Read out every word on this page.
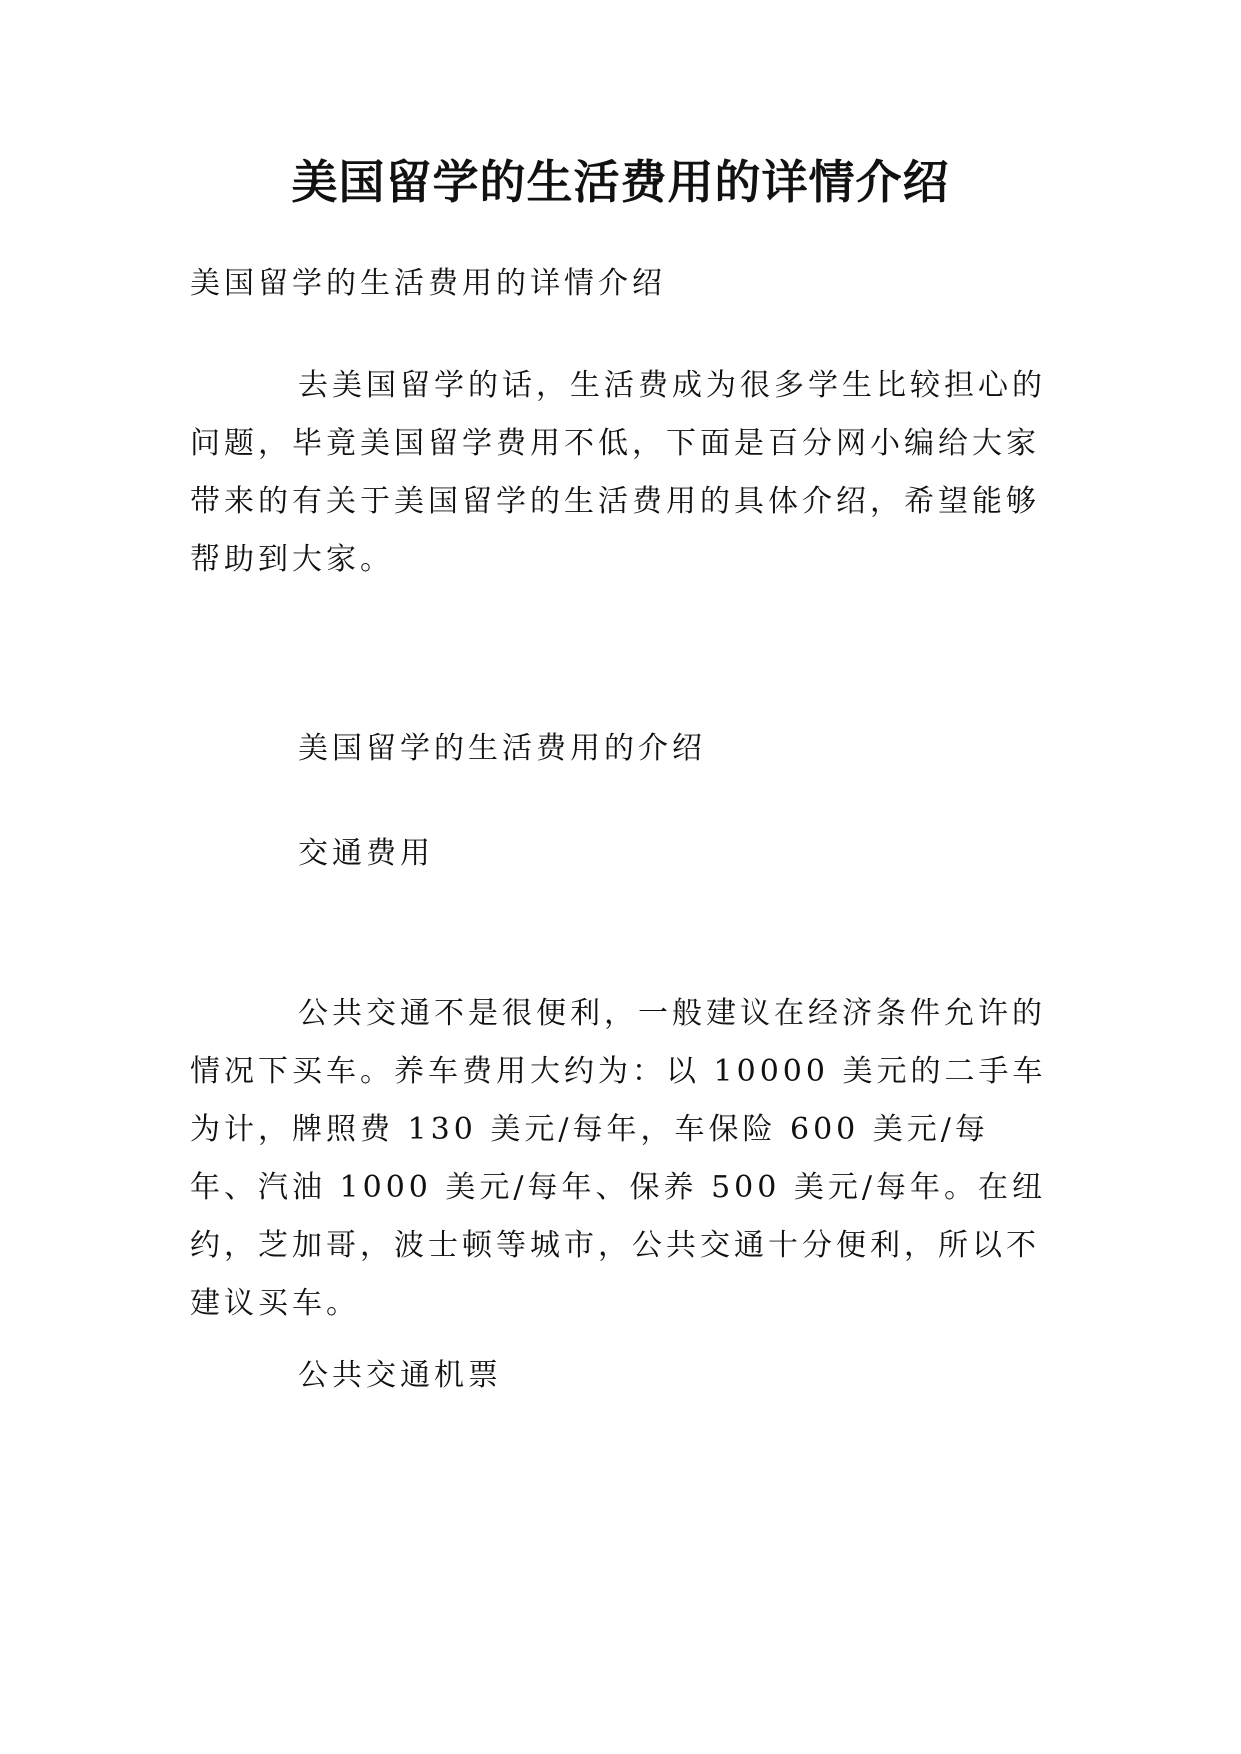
美国留学的生活费用的详情介绍

美国留学的生活费用的详情介绍

去美国留学的话，生活费成为很多学生比较担心的问题，毕竟美国留学费用不低，下面是百分网小编给大家带来的有关于美国留学的生活费用的具体介绍，希望能够帮助到大家。

美国留学的生活费用的介绍

交通费用

公共交通不是很便利，一般建议在经济条件允许的情况下买车。养车费用大约为：以 10000 美元的二手车为计，牌照费 130 美元/每年，车保险 600 美元/每年、汽油 1000 美元/每年、保养 500 美元/每年。在纽约，芝加哥，波士顿等城市，公共交通十分便利，所以不建议买车。

公共交通机票
